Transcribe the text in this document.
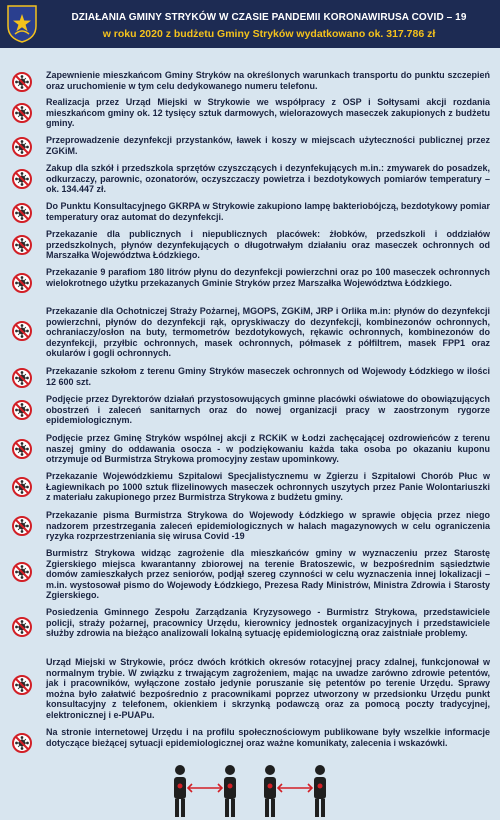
DZIAŁANIA GMINY STRYKÓW W CZASIE PANDEMII KORONAWIRUSA COVID – 19
w roku 2020 z budżetu Gminy Stryków wydatkowano ok. 317.786 zł
Zapewnienie mieszkańcom Gminy Stryków na określonych warunkach transportu do punktu szczepień oraz uruchomienie w tym celu dedykowanego numeru telefonu.
Realizacja przez Urząd Miejski w Strykowie we współpracy z OSP i Sołtysami akcji rozdania mieszkańcom gminy ok. 12 tysięcy sztuk darmowych, wielorazowych maseczek zakupionych z budżetu gminy.
Przeprowadzenie dezynfekcji przystanków, ławek i koszy w miejscach użyteczności publicznej przez ZGKiM.
Zakup dla szkół i przedszkola sprzętów czyszczących i dezynfekujących m.in.: zmywarek do posadzek, odkurzaczy, parownic, ozonatorów, oczyszczaczy powietrza i bezdotykowych pomiarów temperatury – ok. 134.447 zł.
Do Punktu Konsultacyjnego GKRPA w Strykowie zakupiono lampę bakteriobójczą, bezdotykowy pomiar temperatury oraz automat do dezynfekcji.
Przekazanie dla publicznych i niepublicznych placówek: żłobków, przedszkoli i oddziałów przedszkolnych, płynów dezynfekujących o długotrwałym działaniu oraz maseczek ochronnych od Marszałka Województwa Łódzkiego.
Przekazanie 9 parafiom 180 litrów płynu do dezynfekcji powierzchni oraz po 100 maseczek ochronnych wielokrotnego użytku przekazanych Gminie Stryków przez Marszałka Województwa Łódzkiego.
Przekazanie dla Ochotniczej Straży Pożarnej, MGOPS, ZGKiM, JRP i Orlika m.in: płynów do dezynfekcji powierzchni, płynów do dezynfekcji rąk, opryskiwaczy do dezynfekcji, kombinezonów ochronnych, ochraniaczy/osłon na buty, termometrów bezdotykowych, rękawic ochronnych, kombinezonów do dezynfekcji, przyłbic ochronnych, masek ochronnych, półmasek z półfiltrem, masek FPP1 oraz okularów i gogli ochronnych.
Przekazanie szkołom z terenu Gminy Stryków maseczek ochronnych od Wojewody Łódzkiego w ilości 12 600 szt.
Podjęcie przez Dyrektorów działań przystosowujących gminne placówki oświatowe do obowiązujących obostrzeń i zaleceń sanitarnych oraz do nowej organizacji pracy w zaostrzonym rygorze epidemiologicznym.
Podjęcie przez Gminę Stryków wspólnej akcji z RCKiK w Łodzi zachęcającej ozdrowieńców z terenu naszej gminy do oddawania osocza - w podziękowaniu każda taka osoba po okazaniu kuponu otrzymuje od Burmistrza Strykowa promocyjny zestaw upominkowy.
Przekazanie Wojewódzkiemu Szpitalowi Specjalistycznemu w Zgierzu i Szpitalowi Chorób Płuc w Łagiewnikach po 1000 sztuk flizelinowych maseczek ochronnych uszytych przez Panie Wolontariuszki z materiału zakupionego przez Burmistrza Strykowa z budżetu gminy.
Przekazanie pisma Burmistrza Strykowa do Wojewody Łódzkiego w sprawie objęcia przez niego nadzorem przestrzegania zaleceń epidemiologicznych w halach magazynowych w celu ograniczenia ryzyka rozprzestrzeniania się wirusa Covid -19
Burmistrz Strykowa widząc zagrożenie dla mieszkańców gminy w wyznaczeniu przez Starostę Zgierskiego miejsca kwarantanny zbiorowej na terenie Bratoszewic, w bezpośrednim sąsiedztwie domów zamieszkałych przez seniorów, podjął szereg czynności w celu wyznaczenia innej lokalizacji – m.in. wystosował pismo do Wojewody Łódzkiego, Prezesa Rady Ministrów, Ministra Zdrowia i Starosty Zgierskiego.
Posiedzenia Gminnego Zespołu Zarządzania Kryzysowego - Burmistrz Strykowa, przedstawiciele policji, straży pożarnej, pracownicy Urzędu, kierownicy jednostek organizacyjnych i przedstawiciele służby zdrowia na bieżąco analizowali lokalną sytuację epidemiologiczną oraz zaistniałe problemy.
Urząd Miejski w Strykowie, prócz dwóch krótkich okresów rotacyjnej pracy zdalnej, funkcjonował w normalnym trybie. W związku z trwającym zagrożeniem, mając na uwadze zarówno zdrowie petentów, jak i pracowników, wyłączone zostało jedynie poruszanie się petentów po terenie Urzędu. Sprawy można było załatwić bezpośrednio z pracownikami poprzez utworzony w przedsionku Urzędu punkt konsultacyjny z telefonem, okienkiem i skrzynką podawczą oraz za pomocą poczty tradycyjnej, elektronicznej i e-PUAPu.
Na stronie internetowej Urzędu i na profilu społecznościowym publikowane były wszelkie informacje dotyczące bieżącej sytuacji epidemiologicznej oraz ważne komunikaty, zalecenia i wskazówki.
